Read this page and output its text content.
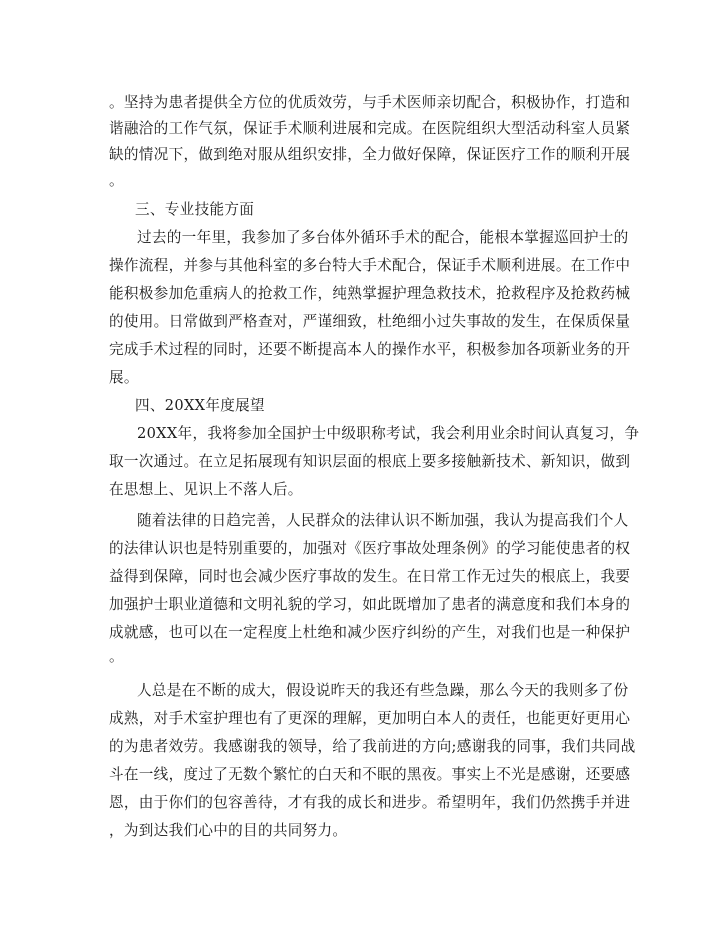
。坚持为患者提供全方位的优质效劳，与手术医师亲切配合，积极协作，打造和
谐融洽的工作气氛，保证手术顺利进展和完成。在医院组织大型活动科室人员紧
缺的情况下，做到绝对服从组织安排，全力做好保障，保证医疗工作的顺利开展
。
三、专业技能方面
过去的一年里，我参加了多台体外循环手术的配合，能根本掌握巡回护士的
操作流程，并参与其他科室的多台特大手术配合，保证手术顺利进展。在工作中
能积极参加危重病人的抢救工作，纯熟掌握护理急救技术，抢救程序及抢救药械
的使用。日常做到严格查对，严谨细致，杜绝细小过失事故的发生，在保质保量
完成手术过程的同时，还要不断提高本人的操作水平，积极参加各项新业务的开
展。
四、20XX年度展望
20XX年，我将参加全国护士中级职称考试，我会利用业余时间认真复习，争
取一次通过。在立足拓展现有知识层面的根底上要多接触新技术、新知识，做到
在思想上、见识上不落人后。
随着法律的日趋完善，人民群众的法律认识不断加强，我认为提高我们个人
的法律认识也是特别重要的，加强对《医疗事故处理条例》的学习能使患者的权
益得到保障，同时也会减少医疗事故的发生。在日常工作无过失的根底上，我要
加强护士职业道德和文明礼貌的学习，如此既增加了患者的满意度和我们本身的
成就感，也可以在一定程度上杜绝和减少医疗纠纷的产生，对我们也是一种保护
。
人总是在不断的成大，假设说昨天的我还有些急躁，那么今天的我则多了份
成熟，对手术室护理也有了更深的理解，更加明白本人的责任，也能更好更用心
的为患者效劳。我感谢我的领导，给了我前进的方向;感谢我的同事，我们共同战
斗在一线，度过了无数个繁忙的白天和不眠的黑夜。事实上不光是感谢，还要感
恩，由于你们的包容善待，才有我的成长和进步。希望明年，我们仍然携手并进
，为到达我们心中的目的共同努力。
